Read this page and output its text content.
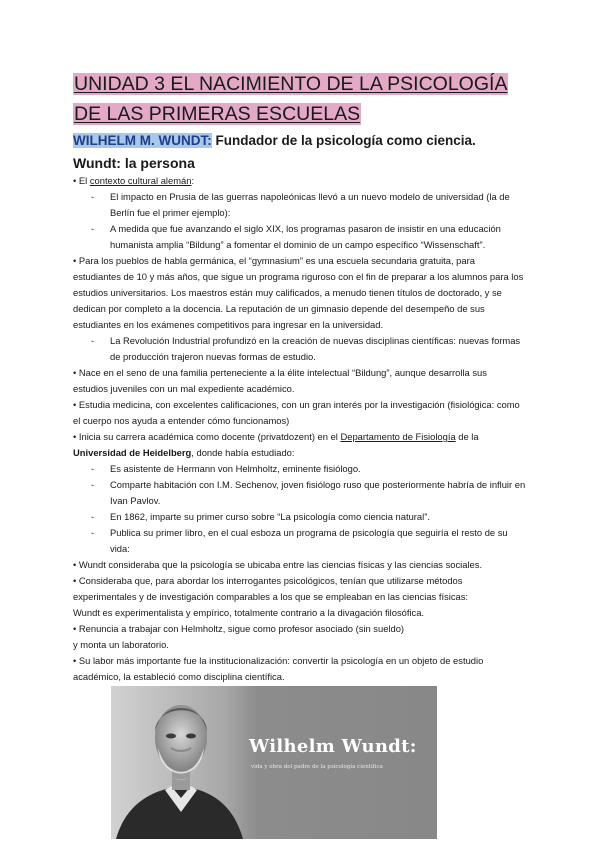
UNIDAD 3 EL NACIMIENTO DE LA PSICOLOGÍA
DE LAS PRIMERAS ESCUELAS
WILHELM M. WUNDT: Fundador de la psicología como ciencia.
Wundt: la persona
• El contexto cultural alemán:
- El impacto en Prusia de las guerras napoleónicas llevó a un nuevo modelo de universidad (la de
Berlín fue el primer ejemplo):
- A medida que fue avanzando el siglo XIX, los programas pasaron de insistir en una educación
humanista amplia “Bildung” a fomentar el dominio de un campo específico “Wissenschaft”.
• Para los pueblos de habla germánica, el “gymnasium” es una escuela secundaria gratuita, para
estudiantes de 10 y más años, que sigue un programa riguroso con el fin de preparar a los alumnos para los
estudios universitarios. Los maestros están muy calificados, a menudo tienen títulos de doctorado, y se
dedican por completo a la docencia. La reputación de un gimnasio depende del desempeño de sus
estudiantes en los exámenes competitivos para ingresar en la universidad.
- La Revolución Industrial profundizó en la creación de nuevas disciplinas científicas: nuevas formas
de producción trajeron nuevas formas de estudio.
• Nace en el seno de una familia perteneciente a la élite intelectual “Bildung”, aunque desarrolla sus
estudios juveniles con un mal expediente académico.
• Estudia medicina, con excelentes calificaciones, con un gran interés por la investigación (fisiológica: como
el cuerpo nos ayuda a entender cómo funcionamos)
• Inicia su carrera académica como docente (privatdozent) en el Departamento de Fisiología de la
Universidad de Heidelberg, donde había estudiado:
- Es asistente de Hermann von Helmholtz, eminente fisiólogo.
- Comparte habitación con I.M. Sechenov, joven fisiólogo ruso que posteriormente habría de influir en
Ivan Pavlov.
- En 1862, imparte su primer curso sobre “La psicología como ciencia natural”.
- Publica su primer libro, en el cual esboza un programa de psicología que seguiría el resto de su
vida:
• Wundt consideraba que la psicología se ubicaba entre las ciencias físicas y las ciencias sociales.
• Consideraba que, para abordar los interrogantes psicológicos, tenían que utilizarse métodos
experimentales y de investigación comparables a los que se empleaban en las ciencias físicas:
Wundt es experimentalista y empírico, totalmente contrario a la divagación filosófica.
• Renuncia a trabajar con Helmholtz, sigue como profesor asociado (sin sueldo)
y monta un laboratorio.
• Su labor más importante fue la institucionalización: convertir la psicología en un objeto de estudio
académico, la estableció como disciplina científica.
Wilhelm Wundt:
vida y obra del padre de la psicología científica
